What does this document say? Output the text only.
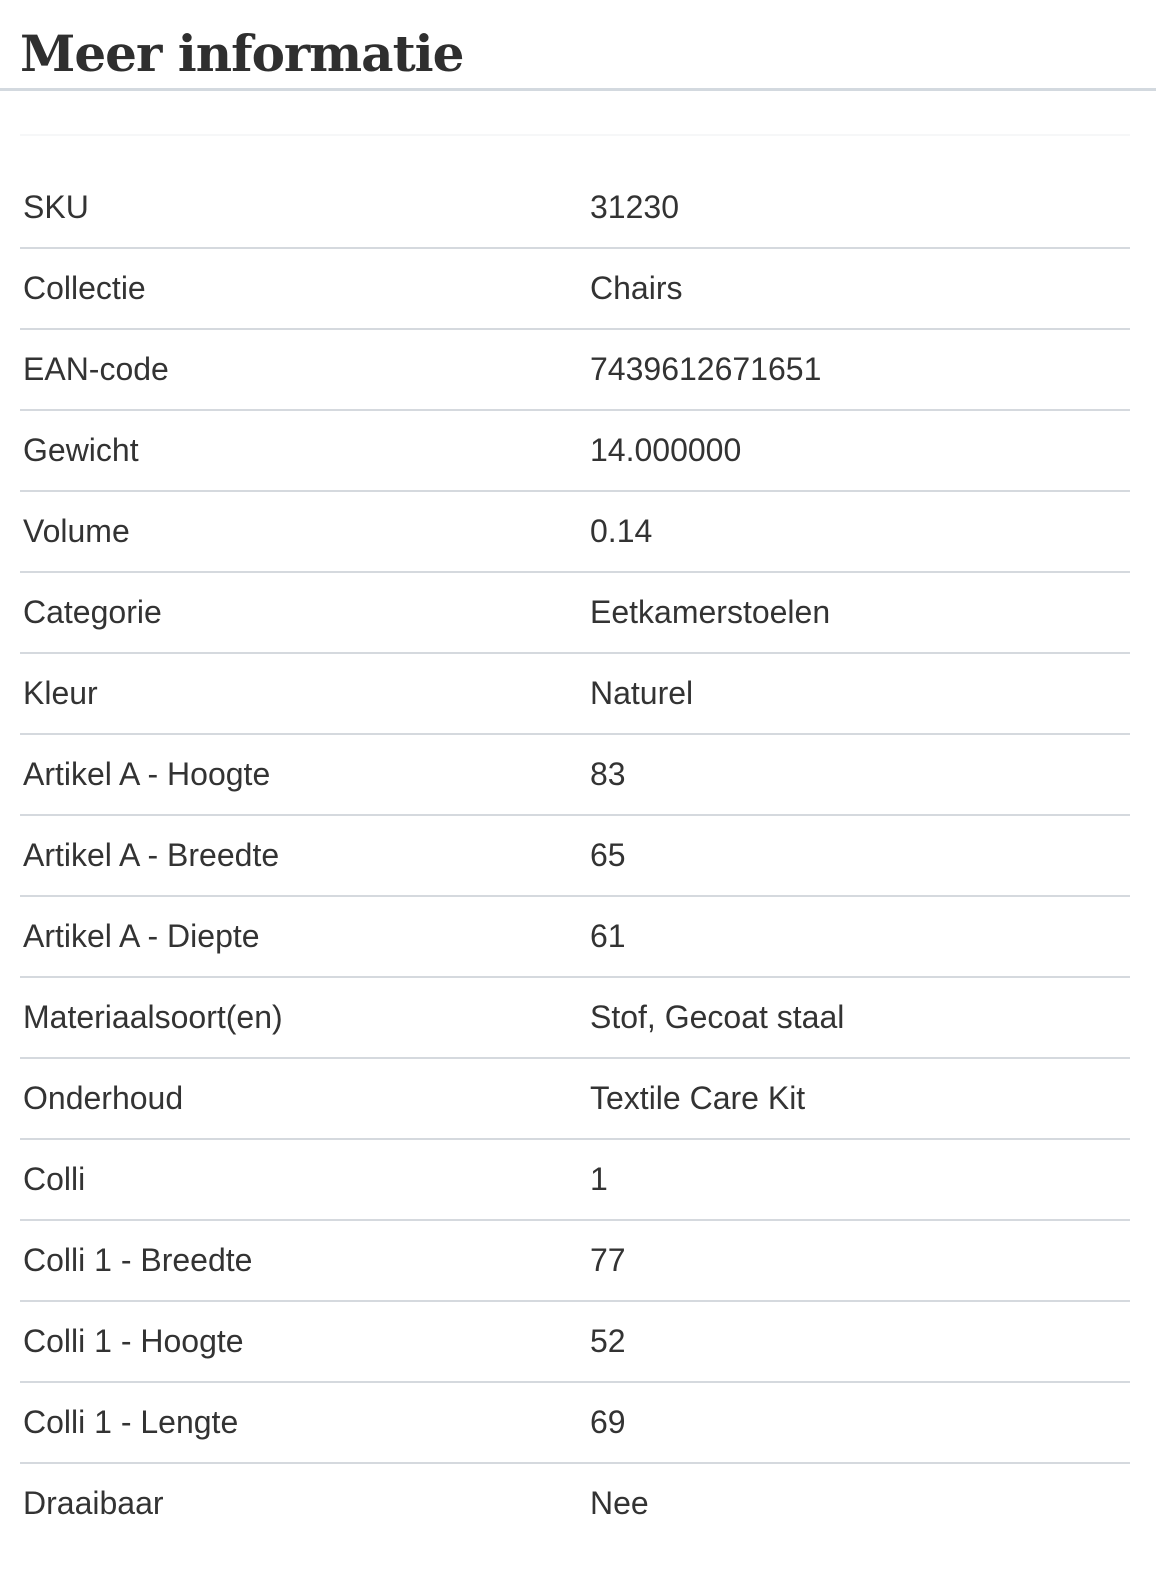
Meer informatie
SKU	31230
Collectie	Chairs
EAN-code	7439612671651
Gewicht	14.000000
Volume	0.14
Categorie	Eetkamerstoelen
Kleur	Naturel
Artikel A - Hoogte	83
Artikel A - Breedte	65
Artikel A - Diepte	61
Materiaalsoort(en)	Stof, Gecoat staal
Onderhoud	Textile Care Kit
Colli	1
Colli 1 - Breedte	77
Colli 1 - Hoogte	52
Colli 1 - Lengte	69
Draaibaar	Nee
